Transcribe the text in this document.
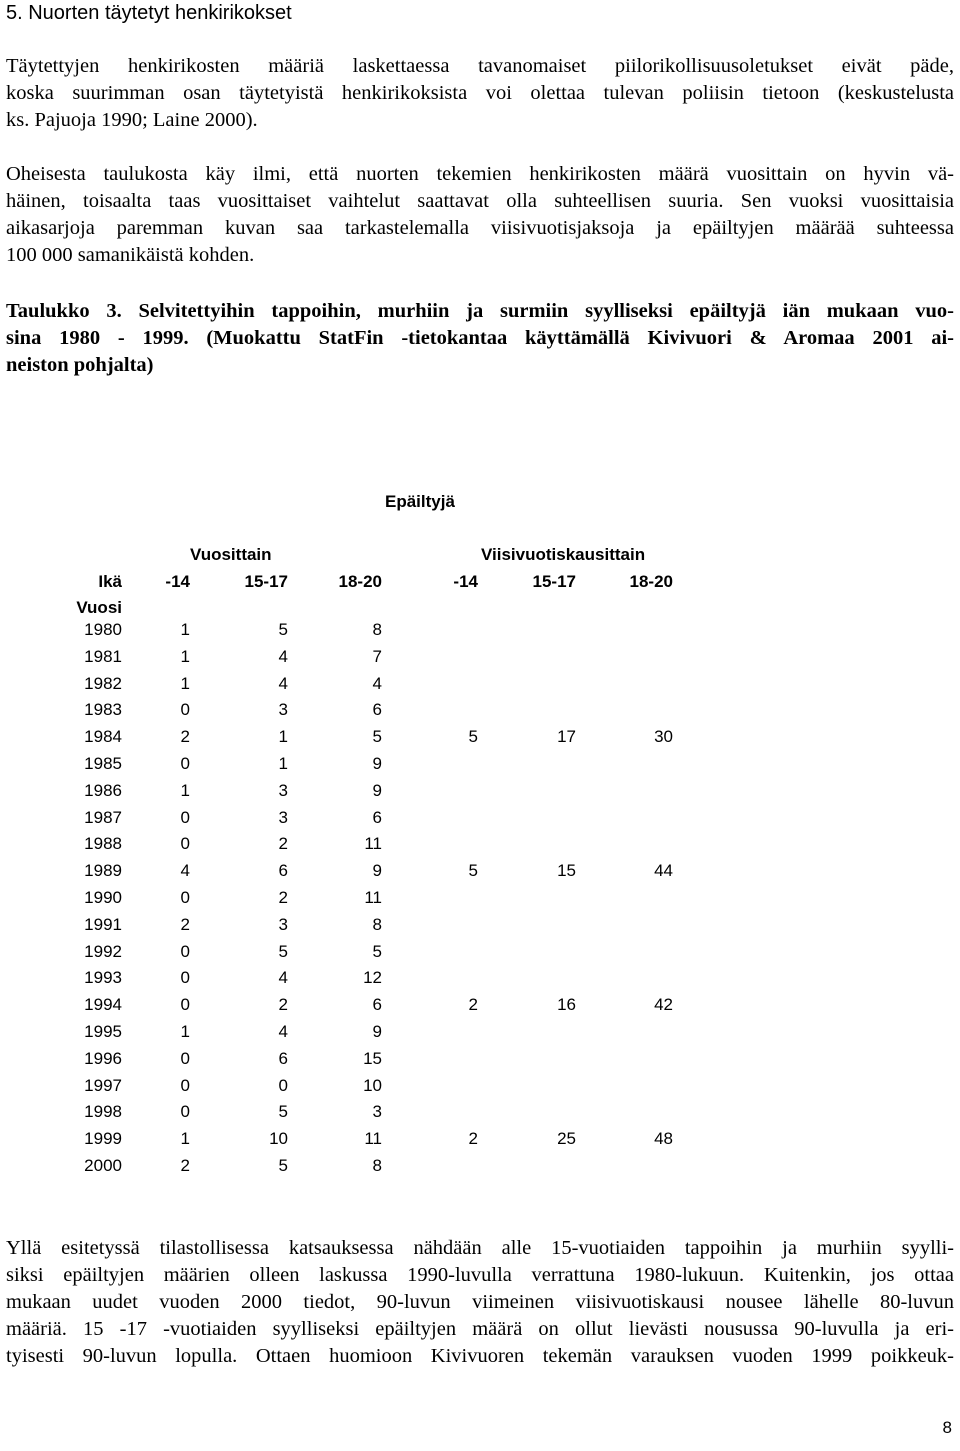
5. Nuorten täytetyt henkirikokset

Täytettyjen henkirikosten määriä laskettaessa tavanomaiset piilorikollisuusoletukset eivät päde,
koska suurimman osan täytetyistä henkirikoksista voi olettaa tulevan poliisin tietoon (keskustelusta
ks. Pajuoja 1990; Laine 2000).

Oheisesta taulukosta käy ilmi, että nuorten tekemien henkirikosten määrä vuosittain on hyvin vä-
häinen, toisaalta taas vuosittaiset vaihtelut saattavat olla suhteellisen suuria. Sen vuoksi vuosittaisia
aikasarjoja paremman kuvan saa tarkastelemalla viisivuotisjaksoja ja epäiltyjen määrää suhteessa
100 000 samanikäistä kohden.

Taulukko 3. Selvitettyihin tappoihin, murhiin ja surmiin syylliseksi epäiltyjä iän mukaan vuo-
sina 1980 - 1999. (Muokattu StatFin -tietokantaa käyttämällä Kivivuori & Aromaa 2001 ai-
neiston pohjalta)

Epäiltyjä
Vuosittain	Viisivuotiskausittain
Ikä
Vuosi
-14	15-17	18-20	-14	15-17	18-20
1980	1	5	8
1981	1	4	7
1982	1	4	4
1983	0	3	6
1984	2	1	5	5	17	30
1985	0	1	9
1986	1	3	9
1987	0	3	6
1988	0	2	11
1989	4	6	9	5	15	44
1990	0	2	11
1991	2	3	8
1992	0	5	5
1993	0	4	12
1994	0	2	6	2	16	42
1995	1	4	9
1996	0	6	15
1997	0	0	10
1998	0	5	3
1999	1	10	11	2	25	48
2000	2	5	8

Yllä esitetyssä tilastollisessa katsauksessa nähdään alle 15-vuotiaiden tappoihin ja murhiin syylli-
siksi epäiltyjen määrien olleen laskussa 1990-luvulla verrattuna 1980-lukuun. Kuitenkin, jos ottaa
mukaan uudet vuoden 2000 tiedot, 90-luvun viimeinen viisivuotiskausi nousee lähelle 80-luvun
määriä. 15 -17 -vuotiaiden syylliseksi epäiltyjen määrä on ollut lievästi nousussa 90-luvulla ja eri-
tyisesti 90-luvun lopulla. Ottaen huomioon Kivivuoren tekemän varauksen vuoden 1999 poikkeuk-

8
